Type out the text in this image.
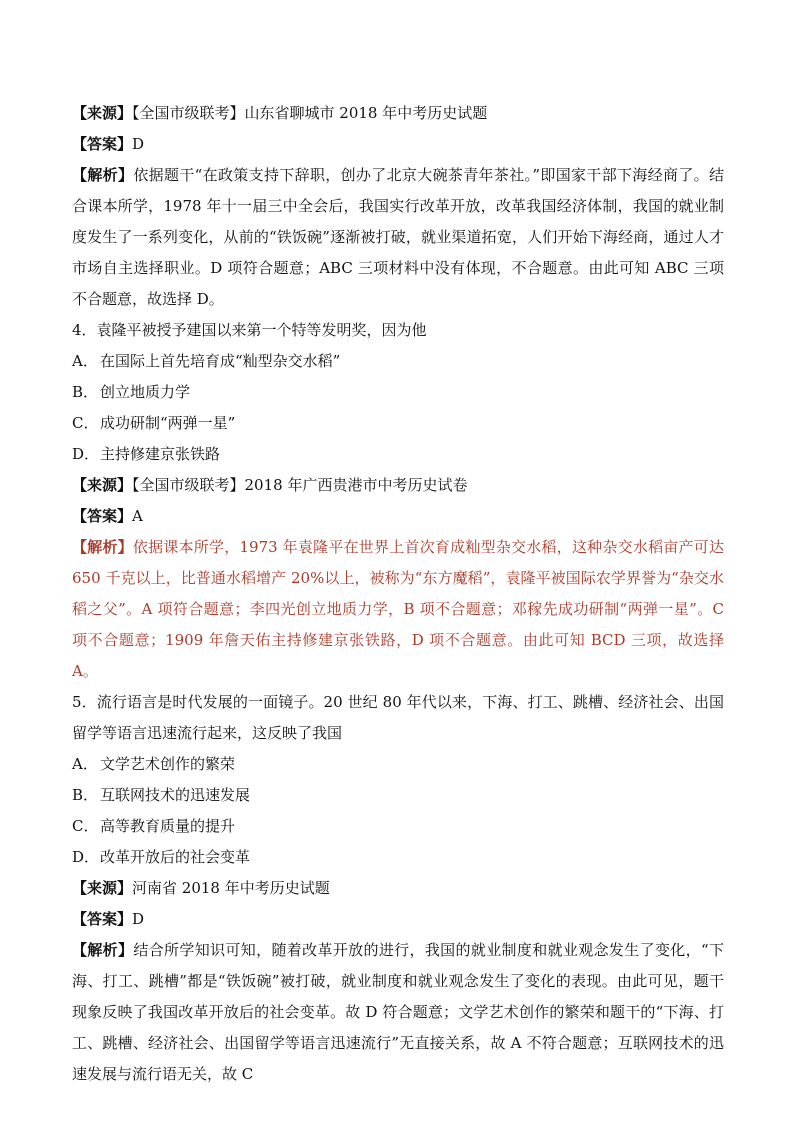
【来源】【全国市级联考】山东省聊城市 2018 年中考历史试题
【答案】D
【解析】依据题干“在政策支持下辞职，创办了北京大碗茶青年茶社。”即国家干部下海经商了。结合课本所学，1978 年十一届三中全会后，我国实行改革开放，改革我国经济体制，我国的就业制度发生了一系列变化，从前的“铁饭碗”逐渐被打破，就业渠道拓宽，人们开始下海经商，通过人才市场自主选择职业。D 项符合题意；ABC 三项材料中没有体现，不合题意。由此可知 ABC 三项不合题意，故选择 D。
4．袁隆平被授予建国以来第一个特等发明奖，因为他
A． 在国际上首先培育成“籼型杂交水稻”
B． 创立地质力学
C． 成功研制“两弹一星”
D．主持修建京张铁路
【来源】【全国市级联考】2018 年广西贵港市中考历史试卷
【答案】A
【解析】依据课本所学，1973 年袁隆平在世界上首次育成籼型杂交水稻，这种杂交水稻亩产可达 650 千克以上，比普通水稻增产 20%以上，被称为“东方魔稻”，袁隆平被国际农学界誉为“杂交水稻之父”。A 项符合题意；李四光创立地质力学，B 项不合题意；邓稼先成功研制“两弹一星”。C 项不合题意；1909 年詹天佑主持修建京张铁路，D 项不合题意。由此可知 BCD 三项，故选择 A。
5．流行语言是时代发展的一面镜子。20 世纪 80 年代以来，下海、打工、跳槽、经济社会、出国留学等语言迅速流行起来，这反映了我国
A． 文学艺术创作的繁荣
B． 互联网技术的迅速发展
C． 高等教育质量的提升
D．改革开放后的社会变革
【来源】河南省 2018 年中考历史试题
【答案】D
【解析】结合所学知识可知，随着改革开放的进行，我国的就业制度和就业观念发生了变化，“下海、打工、跳槽”都是“铁饭碗”被打破，就业制度和就业观念发生了变化的表现。由此可见，题干现象反映了我国改革开放后的社会变革。故 D 符合题意；文学艺术创作的繁荣和题干的“下海、打工、跳槽、经济社会、出国留学等语言迅速流行”无直接关系，故 A 不符合题意；互联网技术的迅速发展与流行语无关，故 C
